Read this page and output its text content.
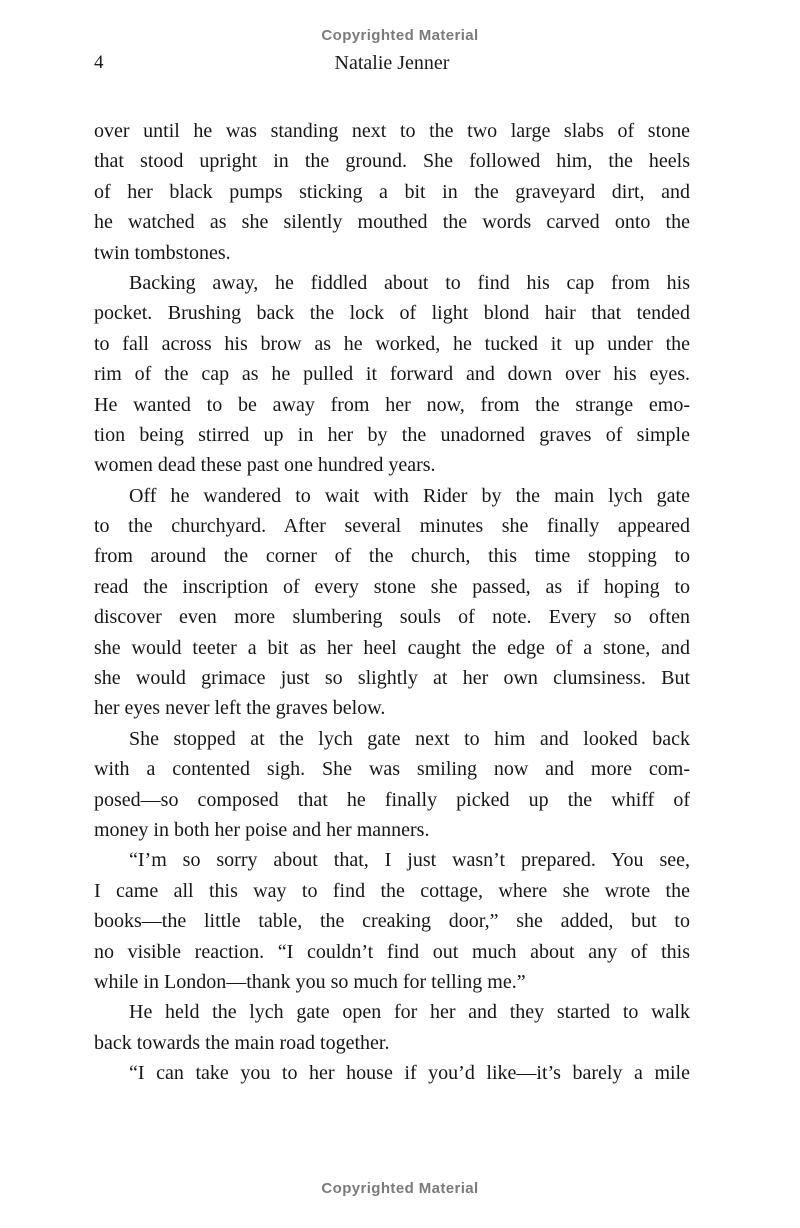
Copyrighted Material
4	Natalie Jenner
over until he was standing next to the two large slabs of stone
that stood upright in the ground. She followed him, the heels
of her black pumps sticking a bit in the graveyard dirt, and
he watched as she silently mouthed the words carved onto the
twin tombstones.
Backing away, he fiddled about to find his cap from his
pocket. Brushing back the lock of light blond hair that tended
to fall across his brow as he worked, he tucked it up under the
rim of the cap as he pulled it forward and down over his eyes.
He wanted to be away from her now, from the strange emo-
tion being stirred up in her by the unadorned graves of simple
women dead these past one hundred years.
Off he wandered to wait with Rider by the main lych gate
to the churchyard. After several minutes she finally appeared
from around the corner of the church, this time stopping to
read the inscription of every stone she passed, as if hoping to
discover even more slumbering souls of note. Every so often
she would teeter a bit as her heel caught the edge of a stone, and
she would grimace just so slightly at her own clumsiness. But
her eyes never left the graves below.
She stopped at the lych gate next to him and looked back
with a contented sigh. She was smiling now and more com-
posed—so composed that he finally picked up the whiff of
money in both her poise and her manners.
“I’m so sorry about that, I just wasn’t prepared. You see,
I came all this way to find the cottage, where she wrote the
books—the little table, the creaking door,” she added, but to
no visible reaction. “I couldn’t find out much about any of this
while in London—thank you so much for telling me.”
He held the lych gate open for her and they started to walk
back towards the main road together.
“I can take you to her house if you’d like—it’s barely a mile
Copyrighted Material
